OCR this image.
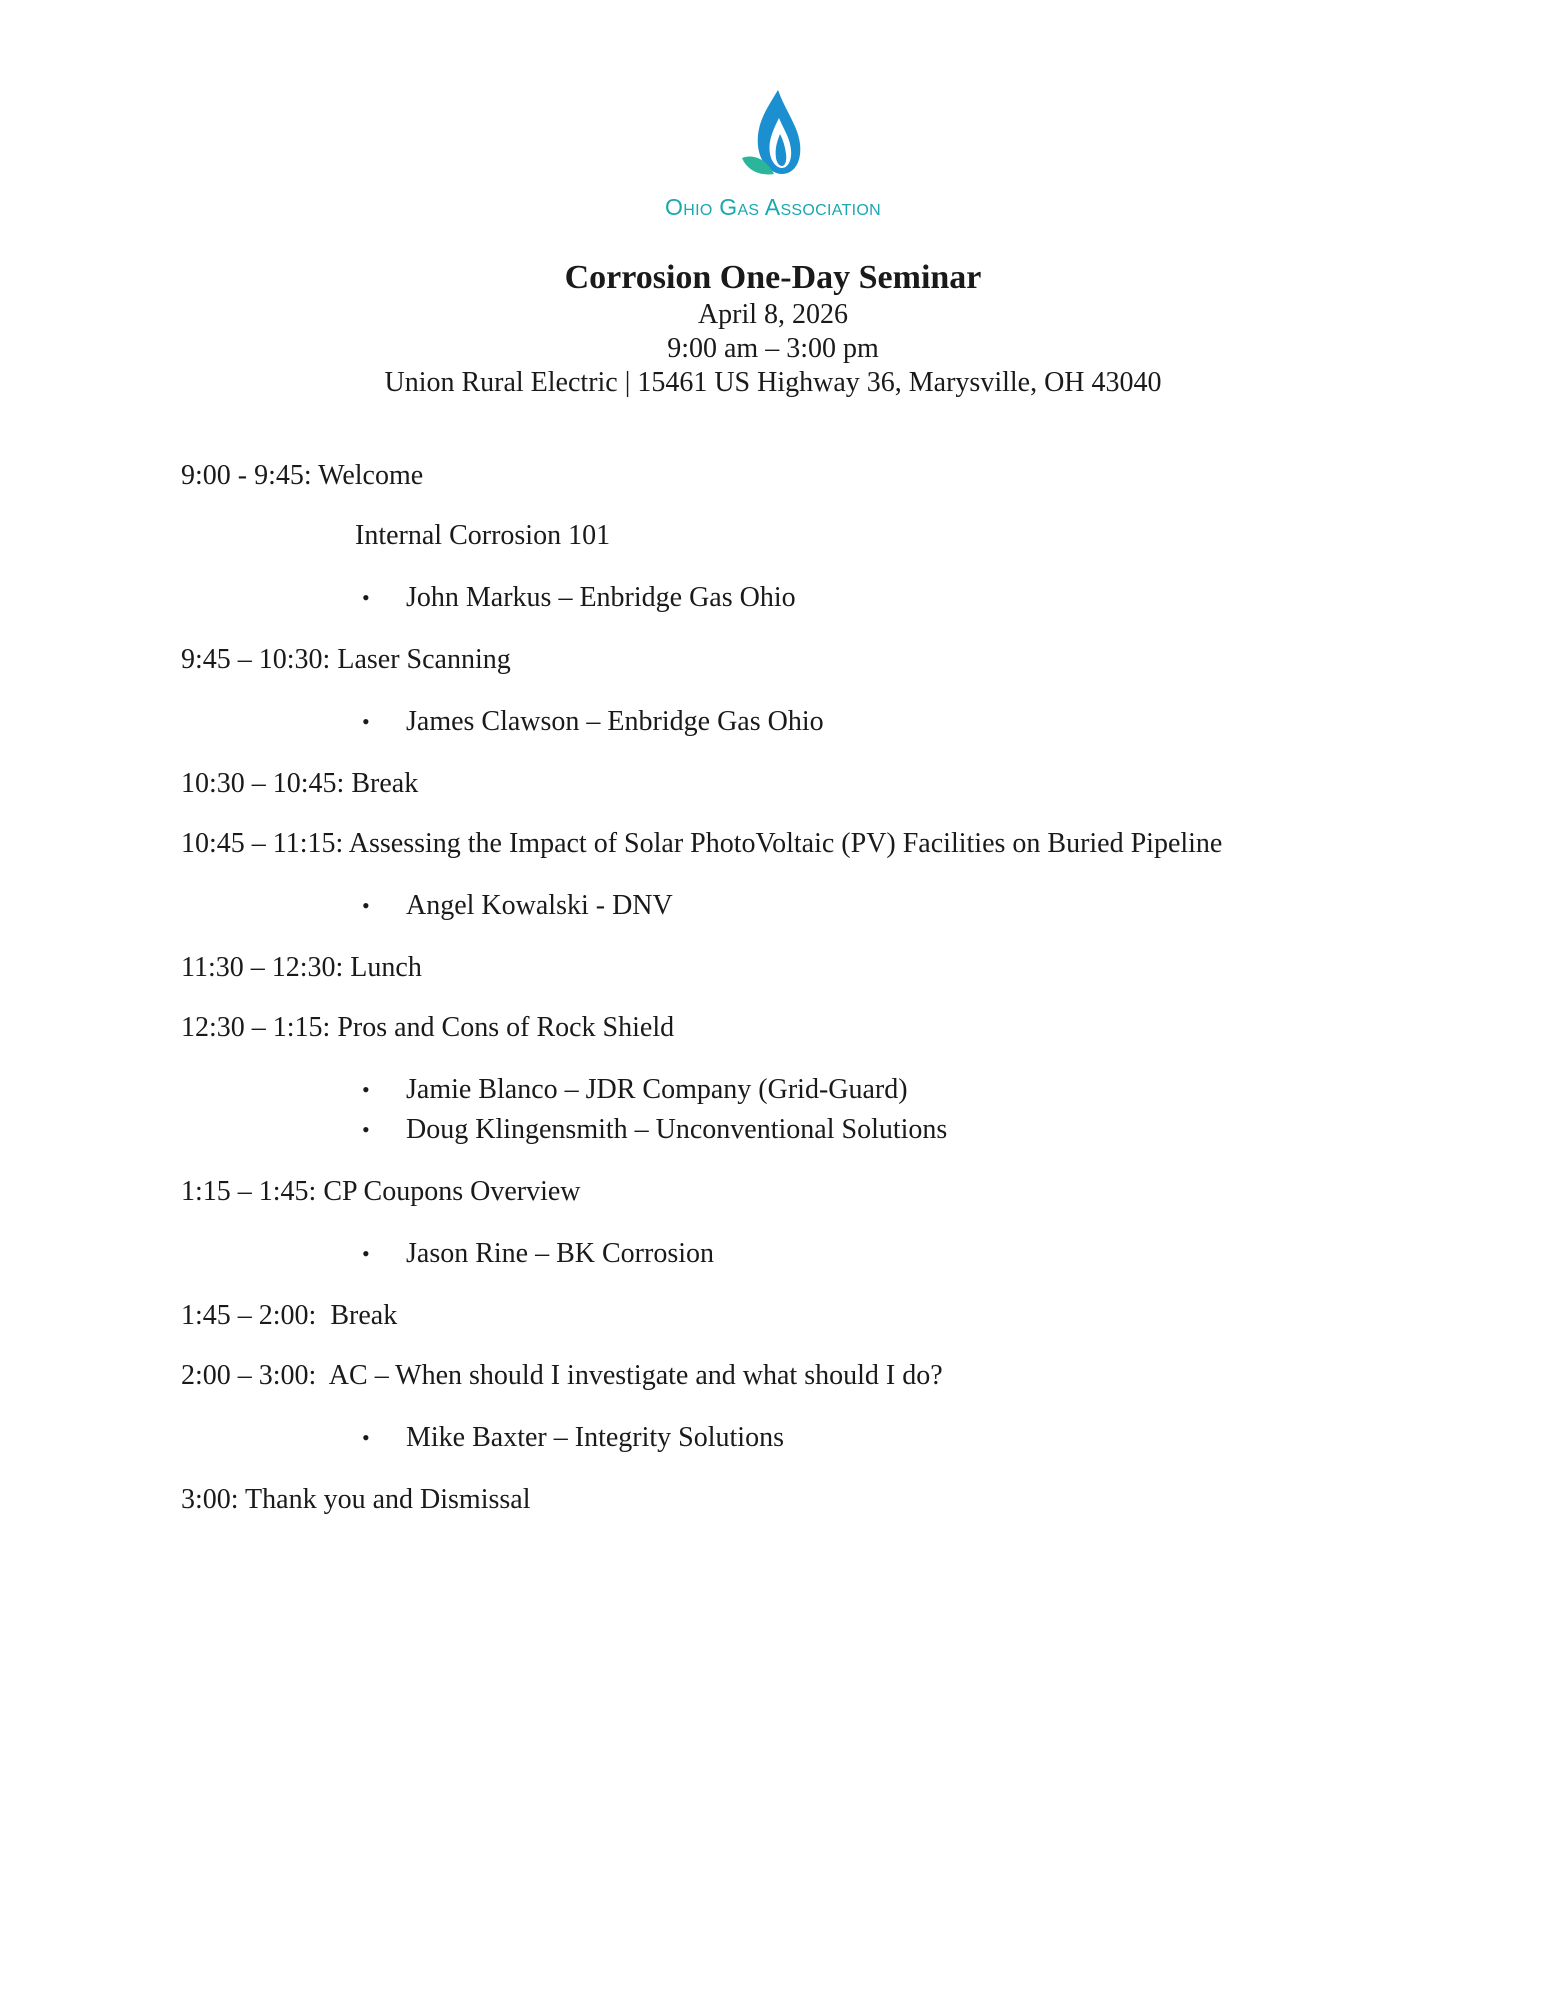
Ohio Gas Association

Corrosion One-Day Seminar

April 8, 2026

9:00 am – 3:00 pm

Union Rural Electric | 15461 US Highway 36, Marysville, OH 43040

9:00 - 9:45: Welcome
Internal Corrosion 101
• John Markus – Enbridge Gas Ohio
9:45 – 10:30: Laser Scanning
• James Clawson – Enbridge Gas Ohio
10:30 – 10:45: Break
10:45 – 11:15: Assessing the Impact of Solar PhotoVoltaic (PV) Facilities on Buried Pipeline
• Angel Kowalski - DNV
11:30 – 12:30: Lunch
12:30 – 1:15: Pros and Cons of Rock Shield
• Jamie Blanco – JDR Company (Grid-Guard)
• Doug Klingensmith – Unconventional Solutions
1:15 – 1:45: CP Coupons Overview
• Jason Rine – BK Corrosion
1:45 – 2:00:  Break
2:00 – 3:00:  AC – When should I investigate and what should I do?
• Mike Baxter – Integrity Solutions
3:00: Thank you and Dismissal
